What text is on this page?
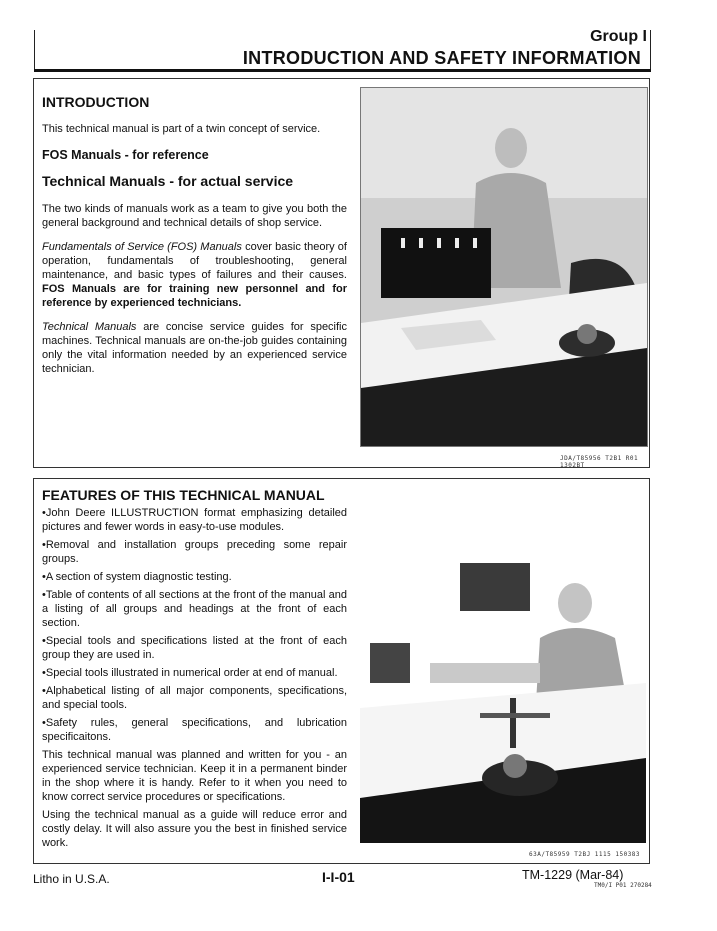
Group I
INTRODUCTION AND SAFETY INFORMATION
INTRODUCTION

This technical manual is part of a twin concept of service.

FOS Manuals - for reference

Technical Manuals - for actual service

The two kinds of manuals work as a team to give you both the general background and technical details of shop service.

Fundamentals of Service (FOS) Manuals cover basic theory of operation, fundamentals of troubleshooting, general maintenance, and basic types of failures and their causes. FOS Manuals are for training new personnel and for reference by experienced technicians.

Technical Manuals are concise service guides for specific machines. Technical manuals are on-the-job guides containing only the vital information needed by an experienced service technician.

JDA/T85956 T2B1 R01 1302BT
FEATURES OF THIS TECHNICAL MANUAL

•John Deere ILLUSTRUCTION format emphasizing detailed pictures and fewer words in easy-to-use modules.

•Removal and installation groups preceding some repair groups.

•A section of system diagnostic testing.

•Table of contents of all sections at the front of the manual and a listing of all groups and headings at the front of each section.

•Special tools and specifications listed at the front of each group they are used in.

•Special tools illustrated in numerical order at end of manual.

•Alphabetical listing of all major components, specifications, and special tools.

•Safety rules, general specifications, and lubrication specificaitons.

This technical manual was planned and written for you - an experienced service technician. Keep it in a permanent binder in the shop where it is handy. Refer to it when you need to know correct service procedures or specifications.

Using the technical manual as a guide will reduce error and costly delay. It will also assure you the best in finished service work.

63A/T85959 T2BJ 1115 150383
Litho in U.S.A.	I-I-01	TM-1229 (Mar-84)
TM0/I P01 270284
